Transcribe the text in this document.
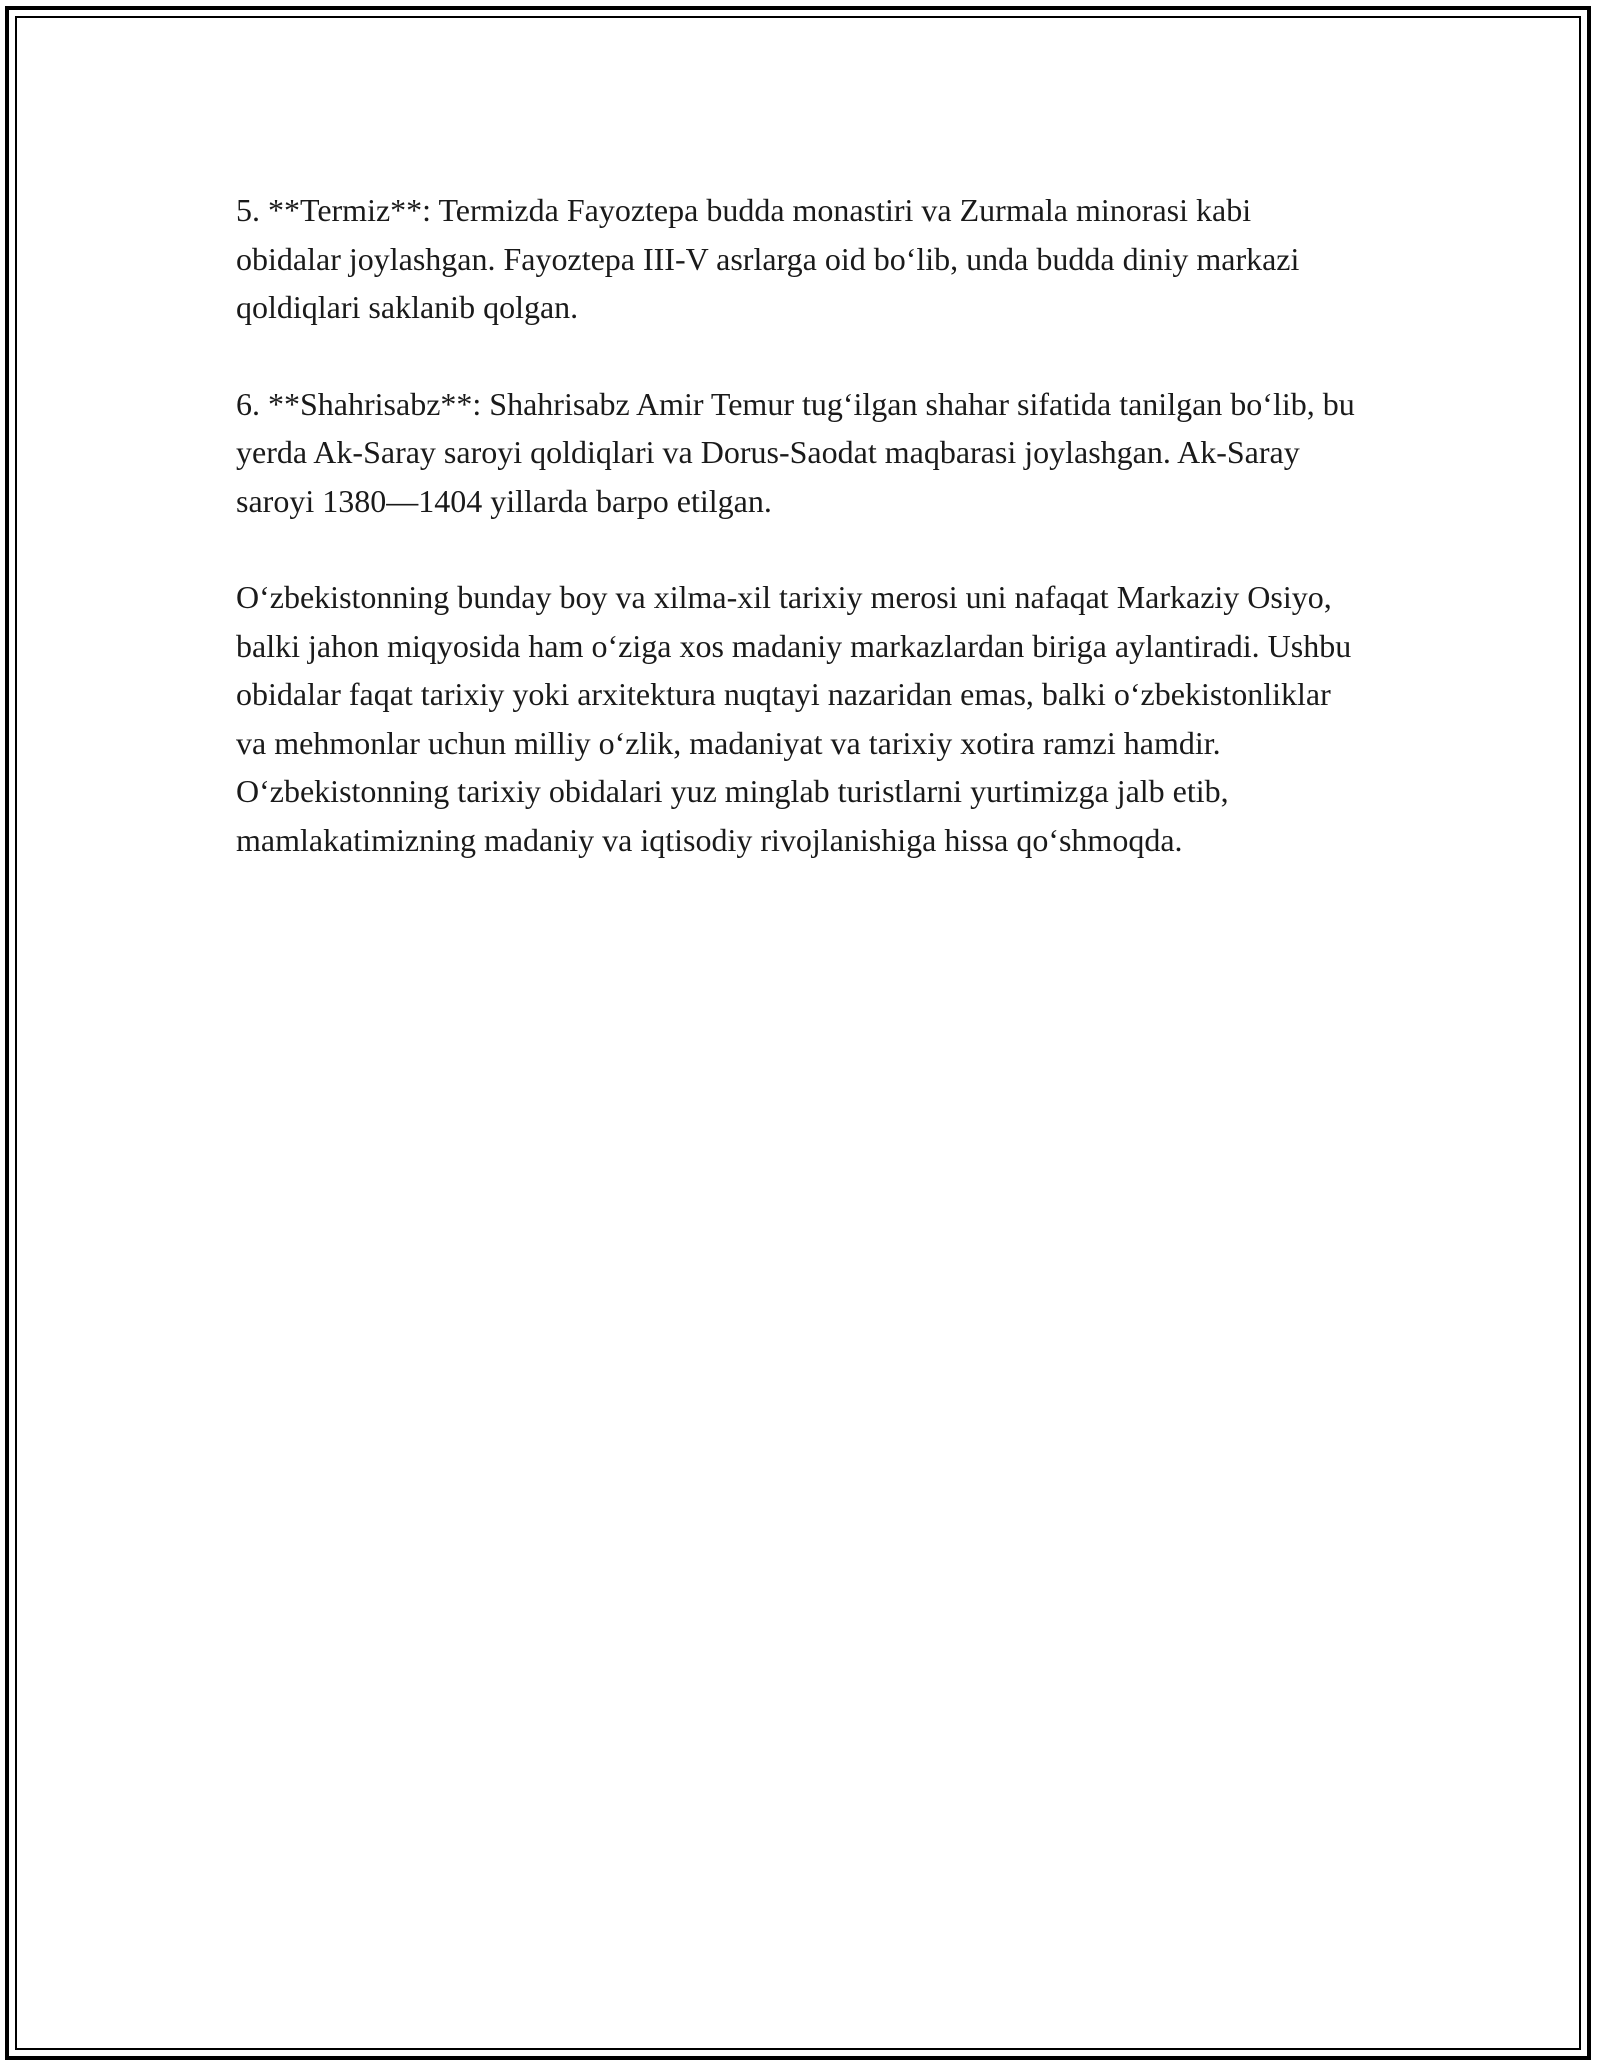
5. **Termiz**: Termizda Fayoztepa budda monastiri va Zurmala minorasi kabi obidalar joylashgan. Fayoztepa III-V asrlarga oid bo‘lib, unda budda diniy markazi qoldiqlari saklanib qolgan.

6. **Shahrisabz**: Shahrisabz Amir Temur tug‘ilgan shahar sifatida tanilgan bo‘lib, bu yerda Ak-Saray saroyi qoldiqlari va Dorus-Saodat maqbarasi joylashgan. Ak-Saray saroyi 1380—1404 yillarda barpo etilgan.

O‘zbekistonning bunday boy va xilma-xil tarixiy merosi uni nafaqat Markaziy Osiyo, balki jahon miqyosida ham o‘ziga xos madaniy markazlardan biriga aylantiradi. Ushbu obidalar faqat tarixiy yoki arxitektura nuqtayi nazaridan emas, balki o‘zbekistonliklar va mehmonlar uchun milliy o‘zlik, madaniyat va tarixiy xotira ramzi hamdir. O‘zbekistonning tarixiy obidalari yuz minglab turistlarni yurtimizga jalb etib, mamlakatimizning madaniy va iqtisodiy rivojlanishiga hissa qo‘shmoqda.
